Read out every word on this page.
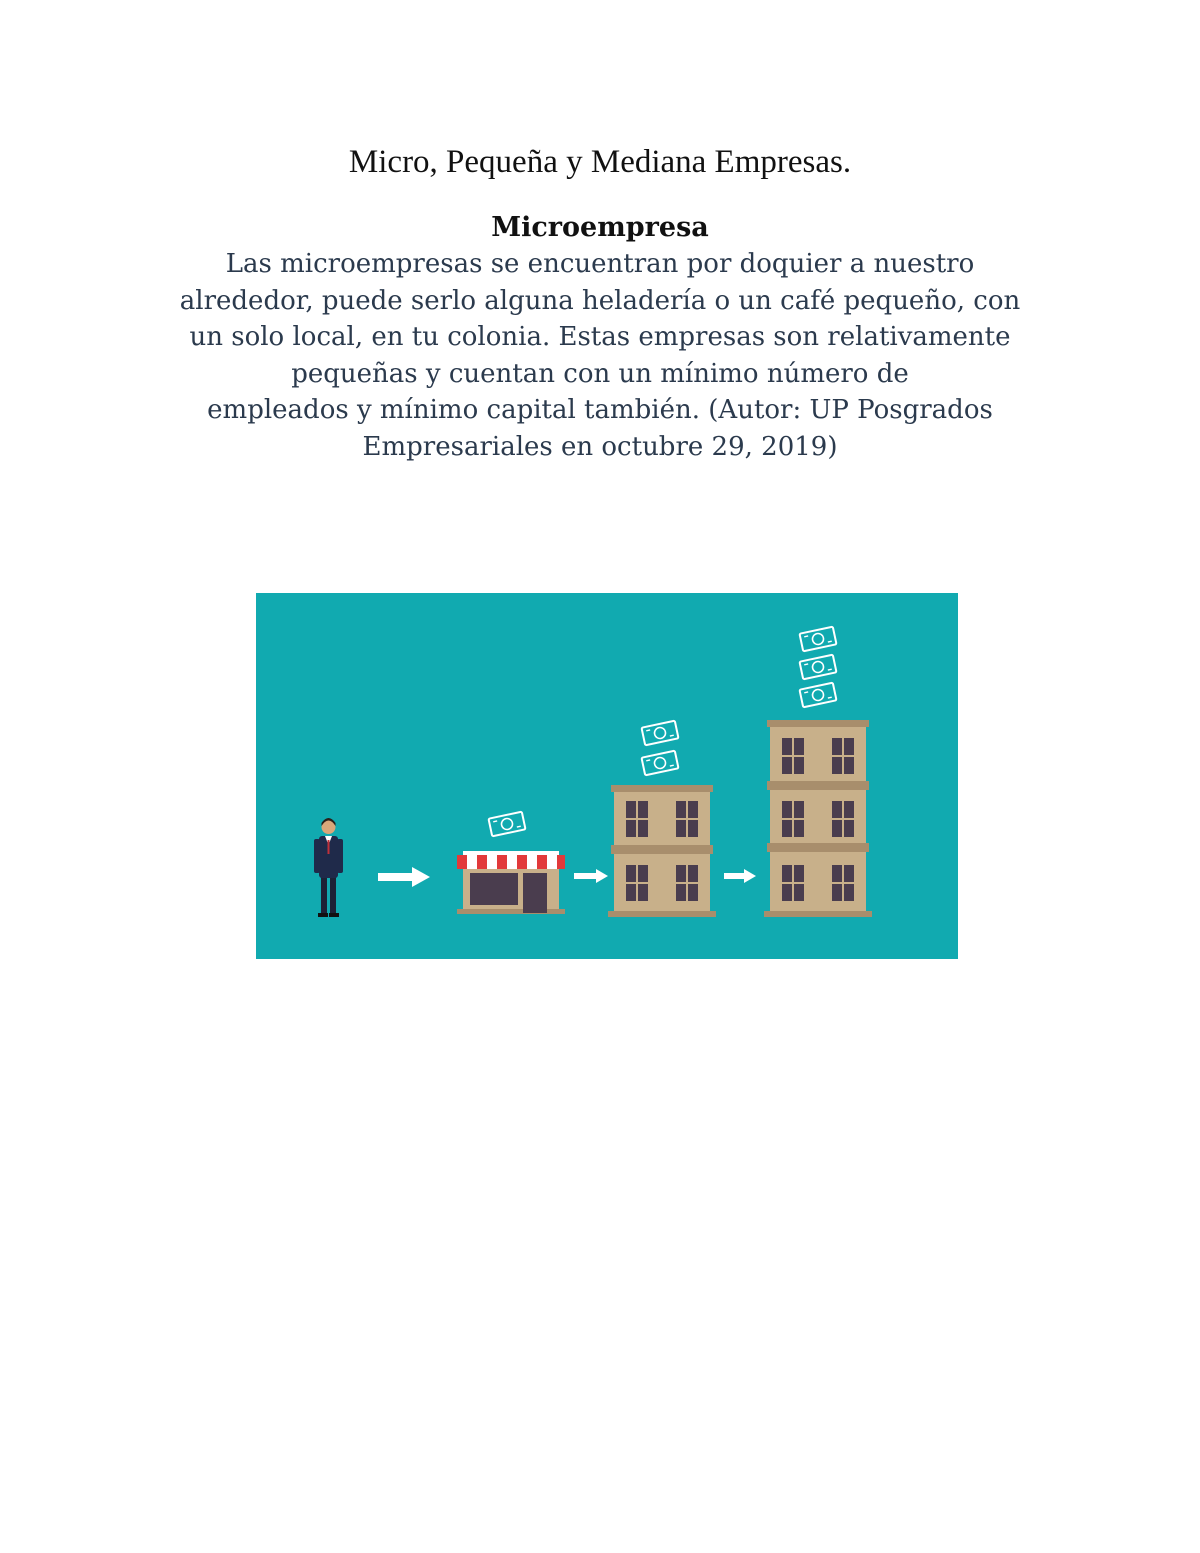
Micro, Pequeña y Mediana Empresas.
Microempresa
Las microempresas se encuentran por doquier a nuestro
alrededor, puede serlo alguna heladería o un café pequeño, con
un solo local, en tu colonia. Estas empresas son relativamente
pequeñas y cuentan con un mínimo número de
empleados y mínimo capital también. (Autor: UP Posgrados
Empresariales en octubre 29, 2019)
